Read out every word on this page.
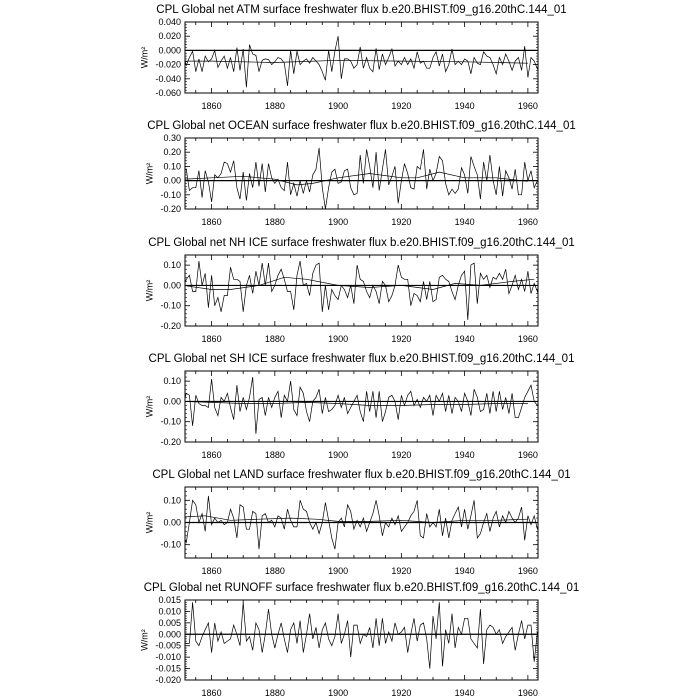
CPL Global net ATM surface freshwater flux b.e20.BHIST.f09_g16.20thC.144_01
1860	1880	1900	1920	1940	1960
0.040
0.020
0.000
-0.020
-0.040
-0.060
W/m²
CPL Global net OCEAN surface freshwater flux b.e20.BHIST.f09_g16.20thC.144_01
1860	1880	1900	1920	1940	1960
0.30
0.20
0.10
0.00
-0.10
-0.20
W/m²
CPL Global net NH ICE surface freshwater flux b.e20.BHIST.f09_g16.20thC.144_01
1860	1880	1900	1920	1940	1960
0.10
0.00
-0.10
-0.20
W/m²
CPL Global net SH ICE surface freshwater flux b.e20.BHIST.f09_g16.20thC.144_01
1860	1880	1900	1920	1940	1960
0.10
0.00
-0.10
-0.20
W/m²
CPL Global net LAND surface freshwater flux b.e20.BHIST.f09_g16.20thC.144_01
1860	1880	1900	1920	1940	1960
0.10
0.00
-0.10
W/m²
CPL Global net RUNOFF surface freshwater flux b.e20.BHIST.f09_g16.20thC.144_01
1860	1880	1900	1920	1940	1960
0.015
0.010
0.005
0.000
-0.005
-0.010
-0.015
-0.020
W/m²
